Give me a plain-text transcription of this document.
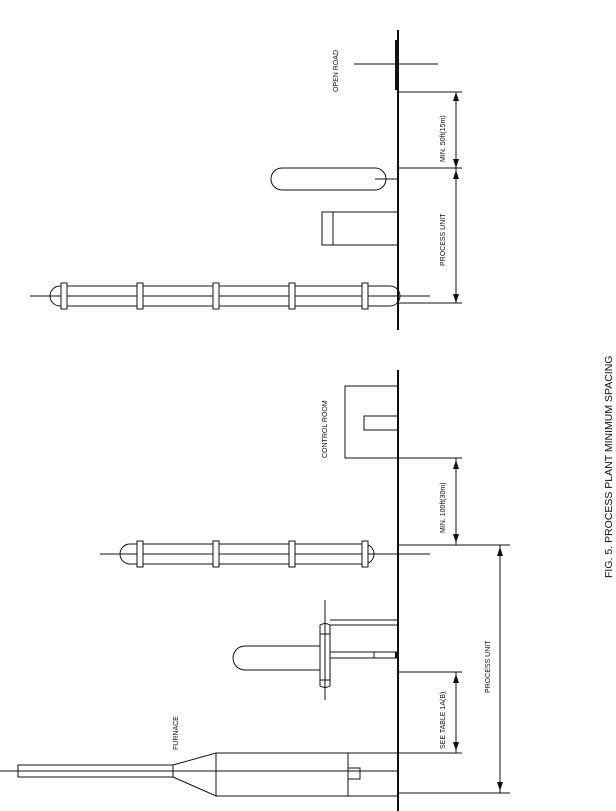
OPEN ROAD
MIN. 50ft(15m)
PROCESS UNIT
CONTROL ROOM
MIN. 100ft(30m)
PROCESS UNIT
SEE TABLE 1A(B)
FURNACE
FIG. 5. PROCESS PLANT MINIMUM SPACING
